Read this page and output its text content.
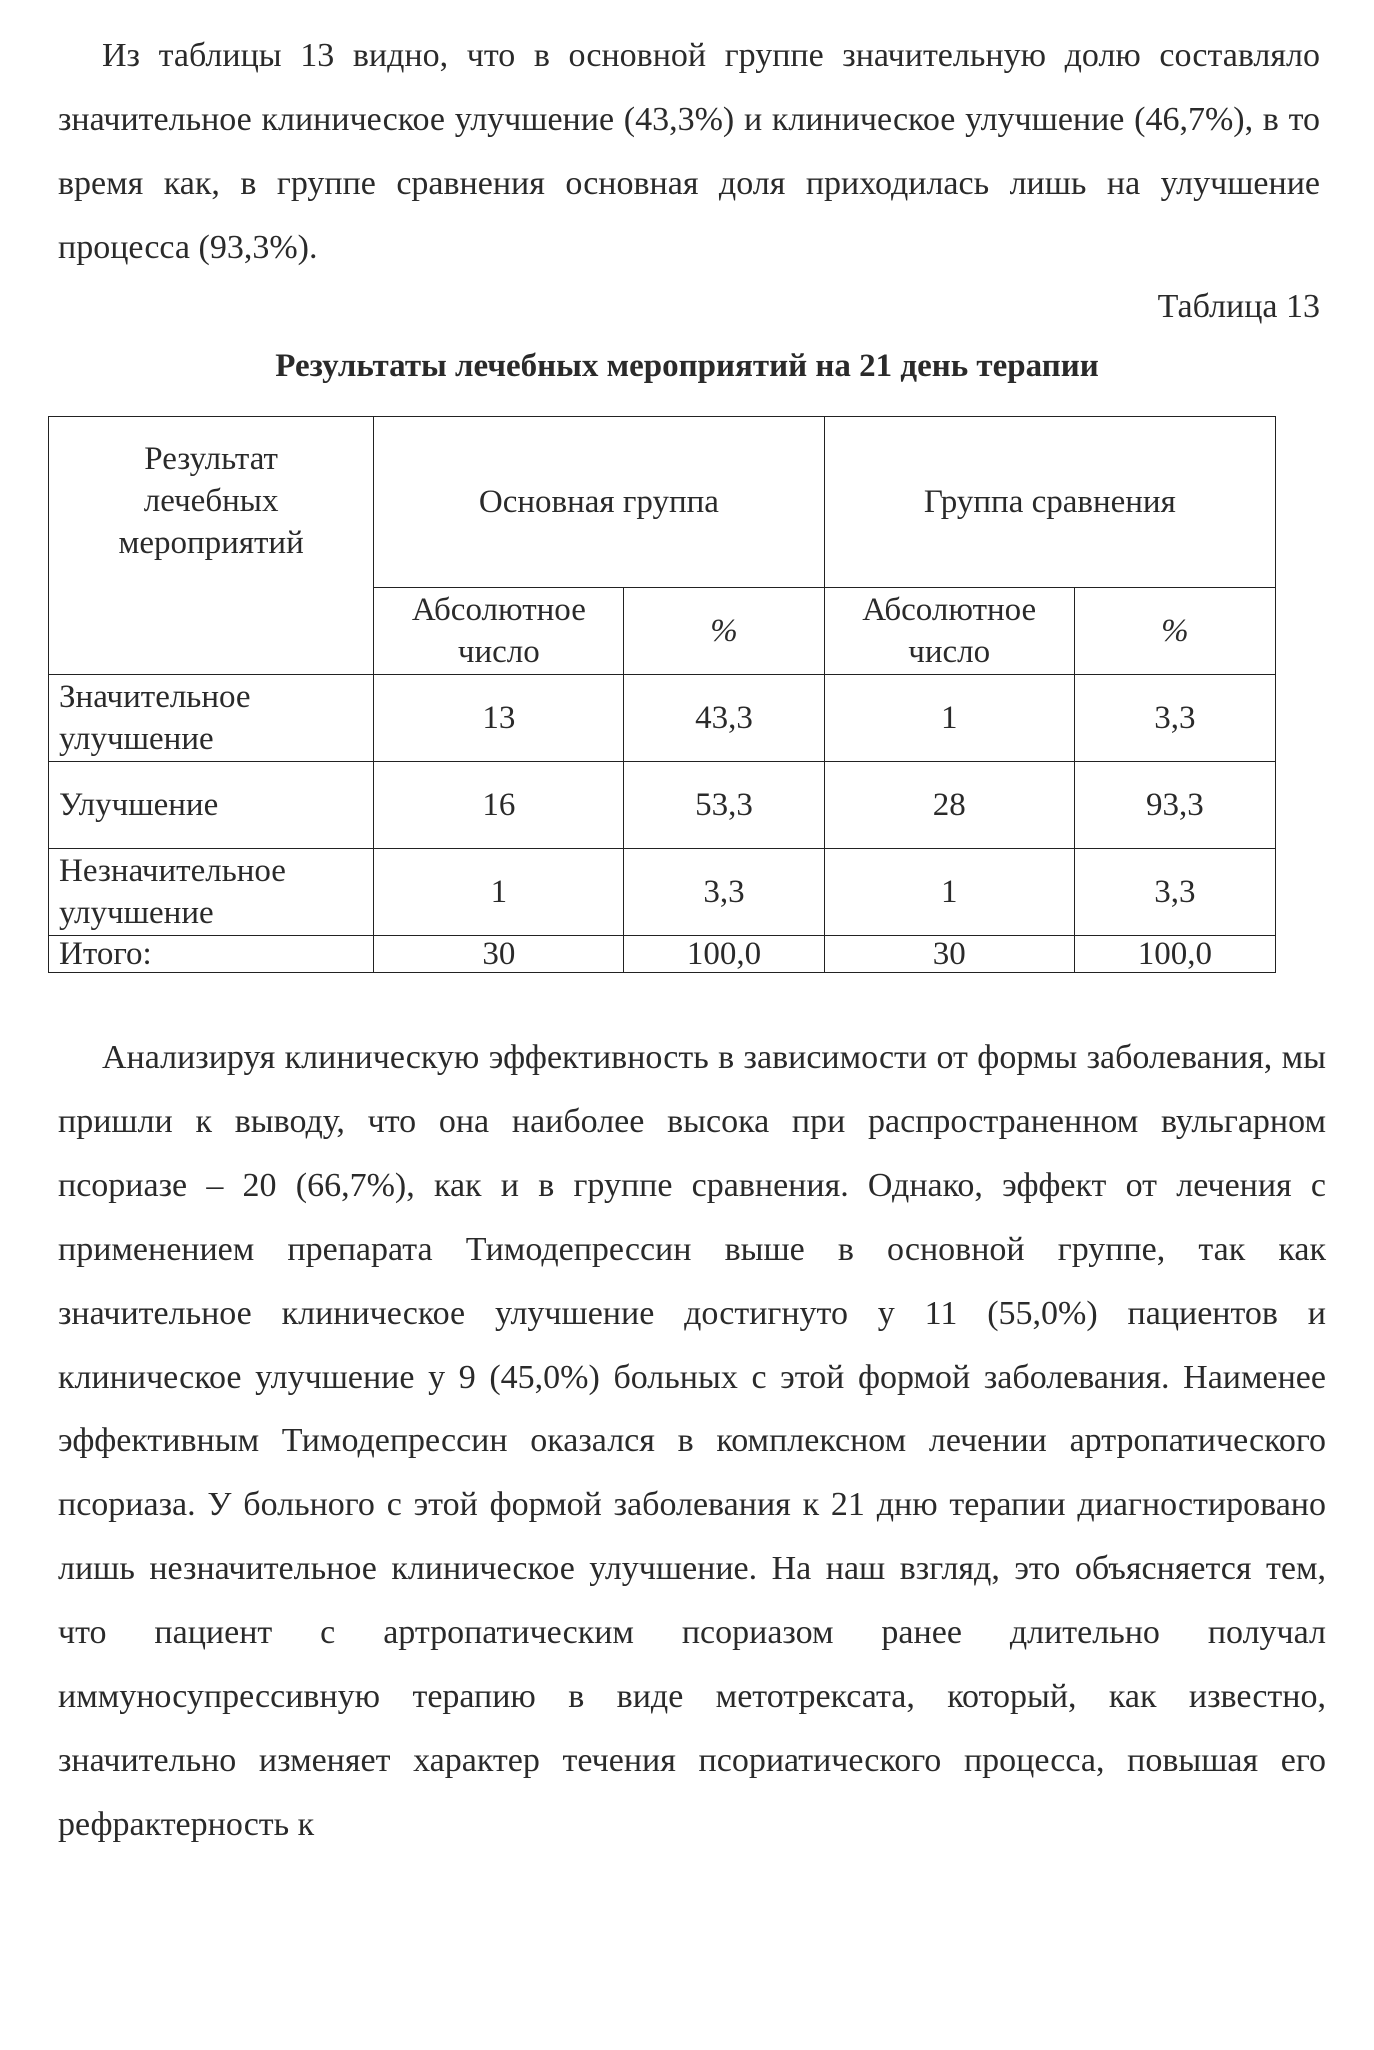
Из таблицы 13 видно, что в основной группе значительную долю составляло значительное клиническое улучшение (43,3%) и клиническое улучшение (46,7%), в то время как, в группе сравнения основная доля приходилась лишь на улучшение процесса (93,3%).

Таблица 13

Результаты лечебных мероприятий на 21 день терапии

Результат лечебных мероприятий	Основная группа		Группа сравнения	
	Абсолютное число	%	Абсолютное число	%
Значительное улучшение	13	43,3	1	3,3
Улучшение	16	53,3	28	93,3
Незначительное улучшение	1	3,3	1	3,3
Итого:	30	100,0	30	100,0

Анализируя клиническую эффективность в зависимости от формы заболевания, мы пришли к выводу, что она наиболее высока при распространенном вульгарном псориазе – 20 (66,7%), как и в группе сравнения. Однако, эффект от лечения с применением препарата Тимодепрессин выше в основной группе, так как значительное клиническое улучшение достигнуто у 11 (55,0%) пациентов и клиническое улучшение у 9 (45,0%) больных с этой формой заболевания. Наименее эффективным Тимодепрессин оказался в комплексном лечении артропатического псориаза. У больного с этой формой заболевания к 21 дню терапии диагностировано лишь незначительное клиническое улучшение. На наш взгляд, это объясняется тем, что пациент с артропатическим псориазом ранее длительно получал иммуносупрессивную терапию в виде метотрексата, который, как известно, значительно изменяет характер течения псориатического процесса, повышая его рефрактерность к
